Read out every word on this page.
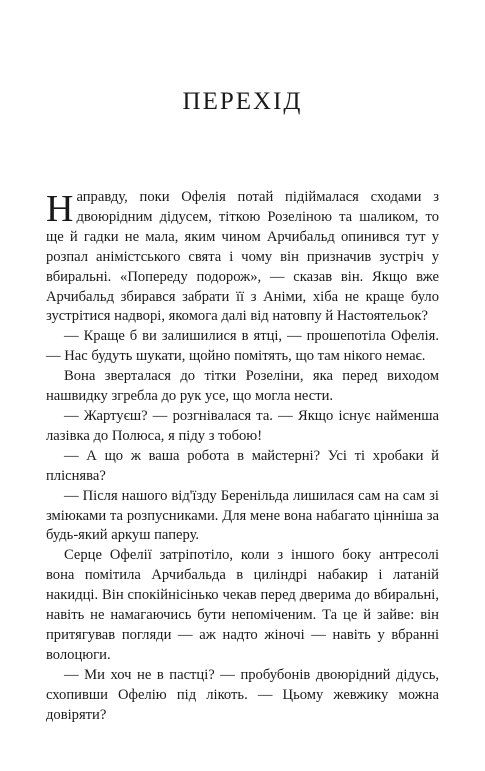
ПЕРЕХІД

Направду, поки Офелія потай підіймалася сходами з двоюрідним дідусем, тіткою Розеліною та шаликом, то ще й гадки не мала, яким чином Арчибальд опинився тут у розпал аніміcтського свята і чому він призначив зустріч у вбиральні. «Попереду подорож», — сказав він. Якщо вже Арчибальд збирався забрати її з Аніми, хіба не краще було зустрітися надворі, якомога далі від натовпу й Настоятельок?

— Краще б ви залишилися в ятці, — прошепотіла Офелія. — Нас будуть шукати, щойно помітять, що там нікого немає.

Вона зверталася до тітки Розеліни, яка перед виходом нашвидку згребла до рук усе, що могла нести.

— Жартуєш? — розгнівалася та. — Якщо існує найменша лазівка до Полюса, я піду з тобою!

— А що ж ваша робота в майстерні? Усі ті хробаки й пліснява?

— Після нашого від'їзду Беренільда лишилася сам на сам зі зміюками та розпусниками. Для мене вона набагато цінніша за будь-який аркуш паперу.

Серце Офелії затріпотіло, коли з іншого боку антресолі вона помітила Арчибальда в циліндрі набакир і латаній накидці. Він спокійнісінько чекав перед дверима до вбиральні, навіть не намагаючись бути непоміченим. Та це й зайве: він притягував погляди — аж надто жіночі — навіть у вбранні волоцюги.

— Ми хоч не в пастці? — пробубонів двоюрідний дідусь, схопивши Офелію під лікоть. — Цьому жевжику можна довіряти?
